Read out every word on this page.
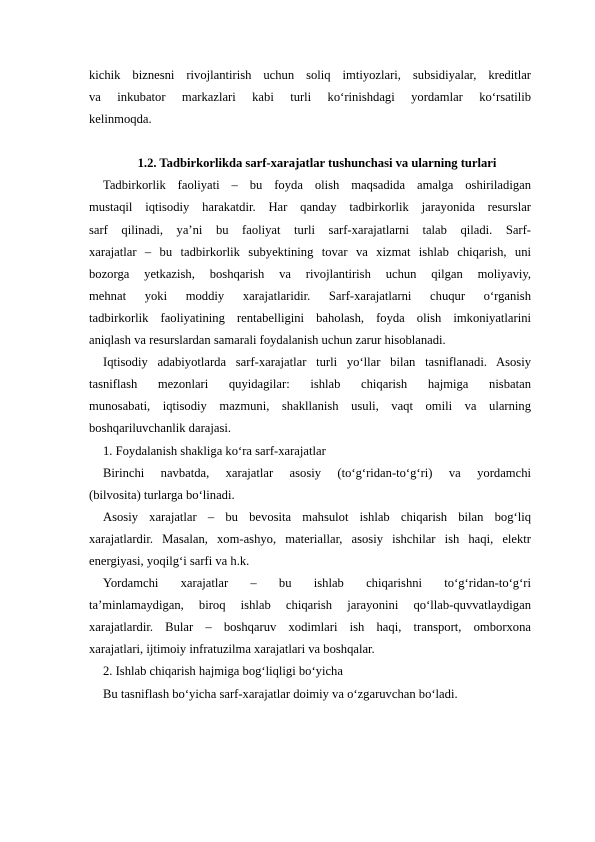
kichik biznesni rivojlantirish uchun soliq imtiyozlari, subsidiyalar, kreditlar
va inkubator markazlari kabi turli ko‘rinishdagi yordamlar ko‘rsatilib
kelinmoqda.
1.2. Tadbirkorlikda sarf-xarajatlar tushunchasi va ularning turlari
Tadbirkorlik faoliyati – bu foyda olish maqsadida amalga oshiriladigan
mustaqil iqtisodiy harakatdir. Har qanday tadbirkorlik jarayonida resurslar
sarf qilinadi, ya’ni bu faoliyat turli sarf-xarajatlarni talab qiladi. Sarf-
xarajatlar – bu tadbirkorlik subyektining tovar va xizmat ishlab chiqarish, uni
bozorga yetkazish, boshqarish va rivojlantirish uchun qilgan moliyaviy,
mehnat yoki moddiy xarajatlaridir. Sarf-xarajatlarni chuqur o‘rganish
tadbirkorlik faoliyatining rentabelligini baholash, foyda olish imkoniyatlarini
aniqlash va resurslardan samarali foydalanish uchun zarur hisoblanadi.
Iqtisodiy adabiyotlarda sarf-xarajatlar turli yo‘llar bilan tasniflanadi. Asosiy
tasniflash mezonlari quyidagilar: ishlab chiqarish hajmiga nisbatan
munosabati, iqtisodiy mazmuni, shakllanish usuli, vaqt omili va ularning
boshqariluvchanlik darajasi.
1. Foydalanish shakliga ko‘ra sarf-xarajatlar
Birinchi navbatda, xarajatlar asosiy (to‘g‘ridan-to‘g‘ri) va yordamchi
(bilvosita) turlarga bo‘linadi.
Asosiy xarajatlar – bu bevosita mahsulot ishlab chiqarish bilan bog‘liq
xarajatlardir. Masalan, xom-ashyo, materiallar, asosiy ishchilar ish haqi, elektr
energiyasi, yoqilg‘i sarfi va h.k.
Yordamchi xarajatlar – bu ishlab chiqarishni to‘g‘ridan-to‘g‘ri
ta’minlamaydigan, biroq ishlab chiqarish jarayonini qo‘llab-quvvatlaydigan
xarajatlardir. Bular – boshqaruv xodimlari ish haqi, transport, omborxona
xarajatlari, ijtimoiy infratuzilma xarajatlari va boshqalar.
2. Ishlab chiqarish hajmiga bog‘liqligi bo‘yicha
Bu tasniflash bo‘yicha sarf-xarajatlar doimiy va o‘zgaruvchan bo‘ladi.
